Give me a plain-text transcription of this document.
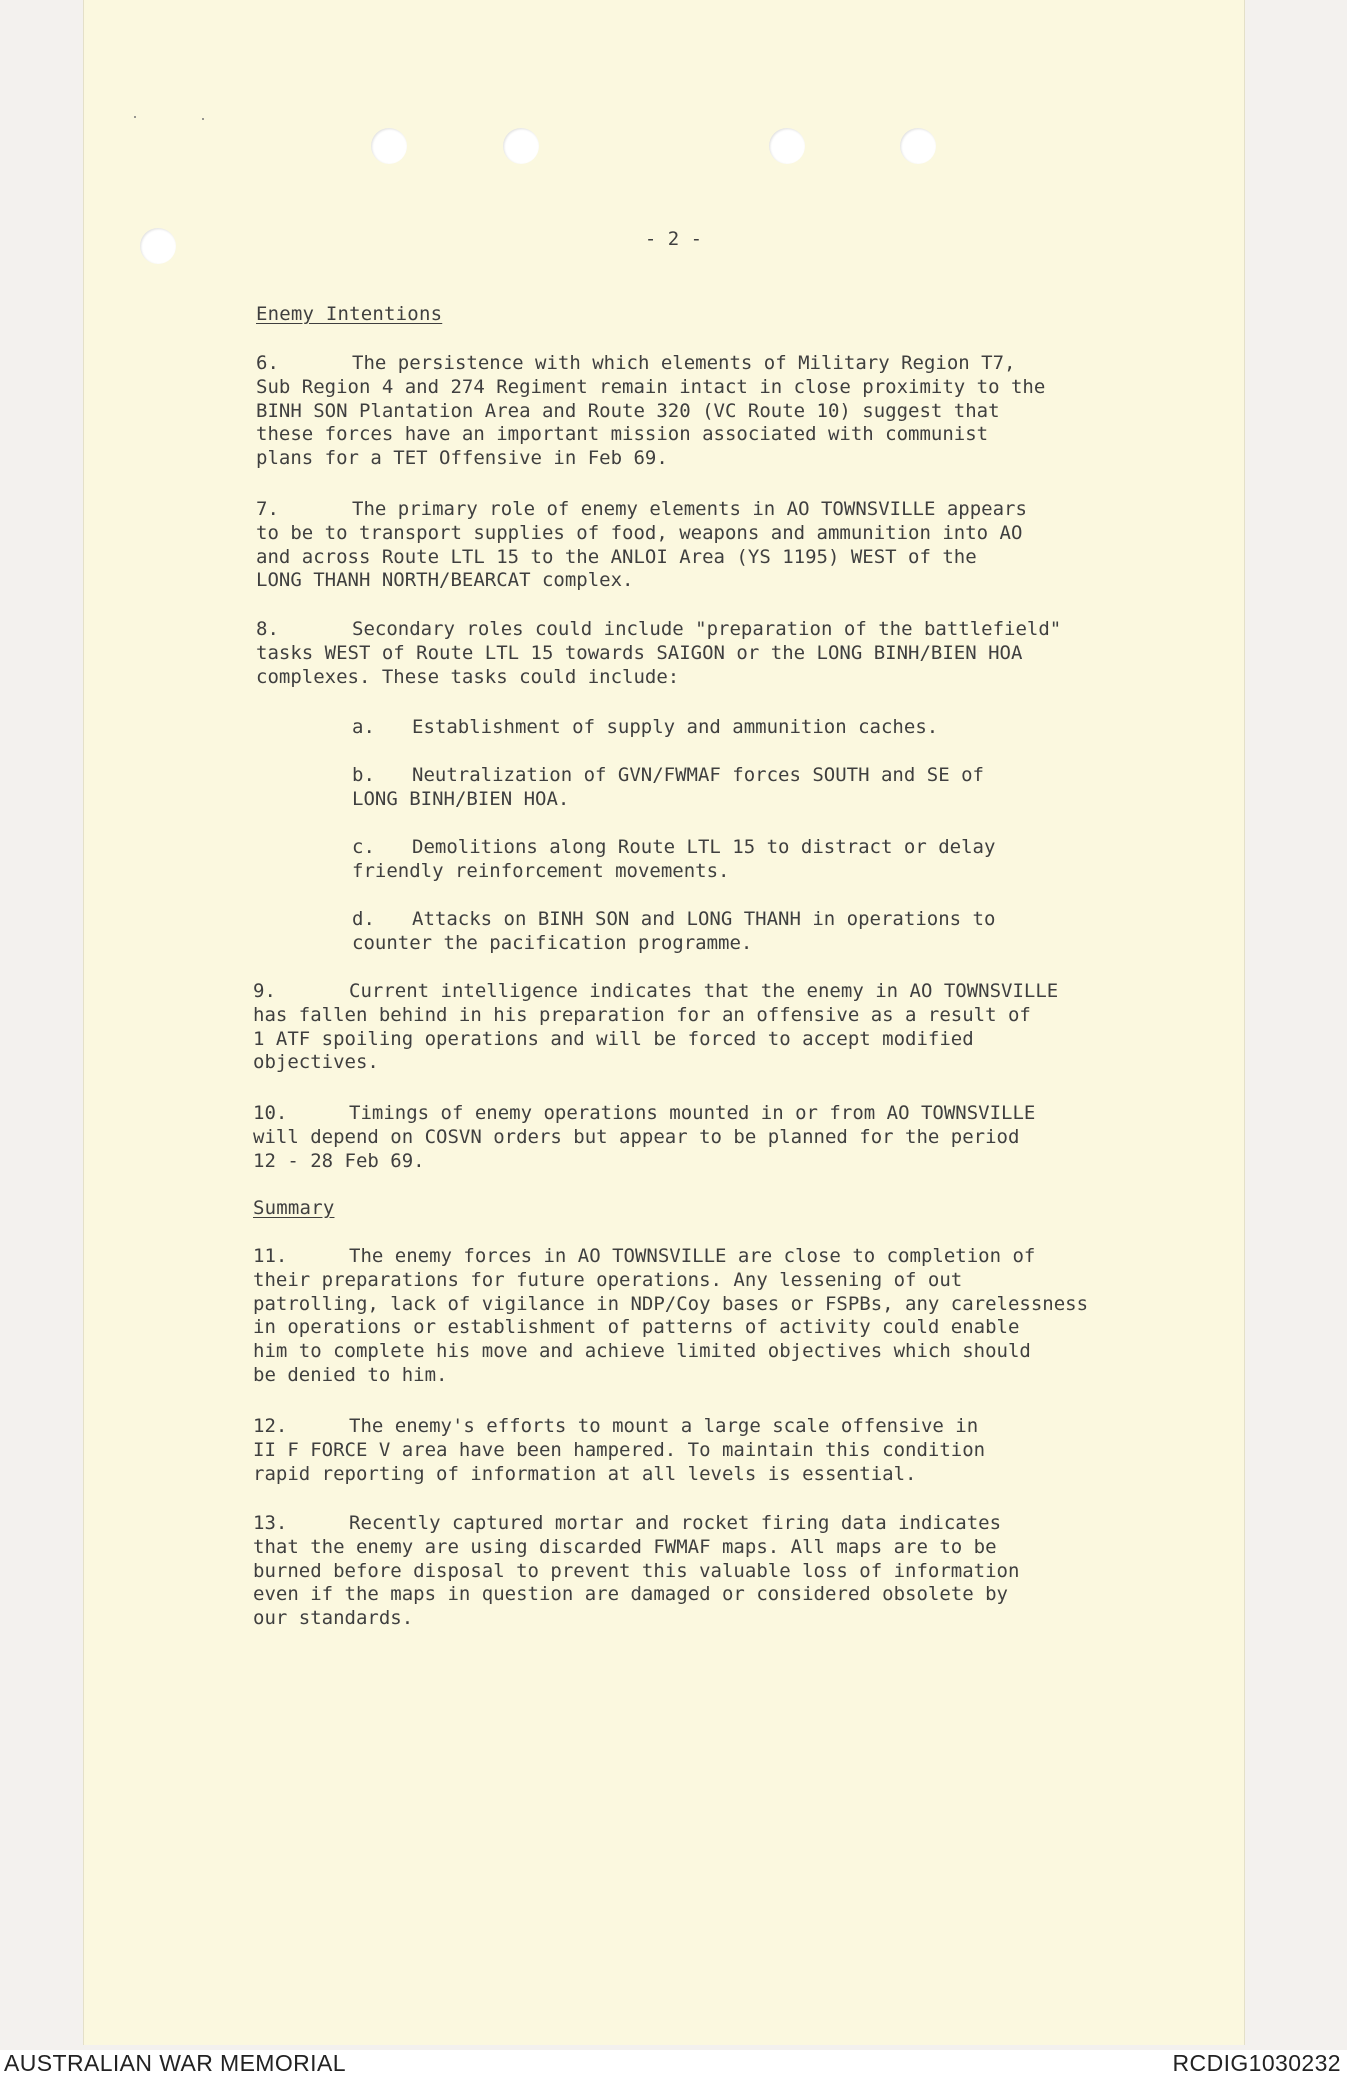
- 2 -
Enemy Intentions
6.	The persistence with which elements of Military Region T7,
Sub Region 4 and 274 Regiment remain intact in close proximity to the
BINH SON Plantation Area and Route 320 (VC Route 10) suggest that
these forces have an important mission associated with communist
plans for a TET Offensive in Feb 69.
7.	The primary role of enemy elements in AO TOWNSVILLE appears
to be to transport supplies of food, weapons and ammunition into AO
and across Route LTL 15 to the ANLOI Area (YS 1195) WEST of the
LONG THANH NORTH/BEARCAT complex.
8.	Secondary roles could include "preparation of the battlefield"
tasks WEST of Route LTL 15 towards SAIGON or the LONG BINH/BIEN HOA
complexes. These tasks could include:
a. Establishment of supply and ammunition caches.
b. Neutralization of GVN/FWMAF forces SOUTH and SE of
LONG BINH/BIEN HOA.
c. Demolitions along Route LTL 15 to distract or delay
friendly reinforcement movements.
d. Attacks on BINH SON and LONG THANH in operations to
counter the pacification programme.
9.	Current intelligence indicates that the enemy in AO TOWNSVILLE
has fallen behind in his preparation for an offensive as a result of
1 ATF spoiling operations and will be forced to accept modified
objectives.
10.	Timings of enemy operations mounted in or from AO TOWNSVILLE
will depend on COSVN orders but appear to be planned for the period
12 - 28 Feb 69.
Summary
11.	The enemy forces in AO TOWNSVILLE are close to completion of
their preparations for future operations. Any lessening of out
patrolling, lack of vigilance in NDP/Coy bases or FSPBs, any carelessness
in operations or establishment of patterns of activity could enable
him to complete his move and achieve limited objectives which should
be denied to him.
12.	The enemy's efforts to mount a large scale offensive in
II F FORCE V area have been hampered. To maintain this condition
rapid reporting of information at all levels is essential.
13.	Recently captured mortar and rocket firing data indicates
that the enemy are using discarded FWMAF maps. All maps are to be
burned before disposal to prevent this valuable loss of information
even if the maps in question are damaged or considered obsolete by
our standards.
AUSTRALIAN WAR MEMORIAL	RCDIG1030232
